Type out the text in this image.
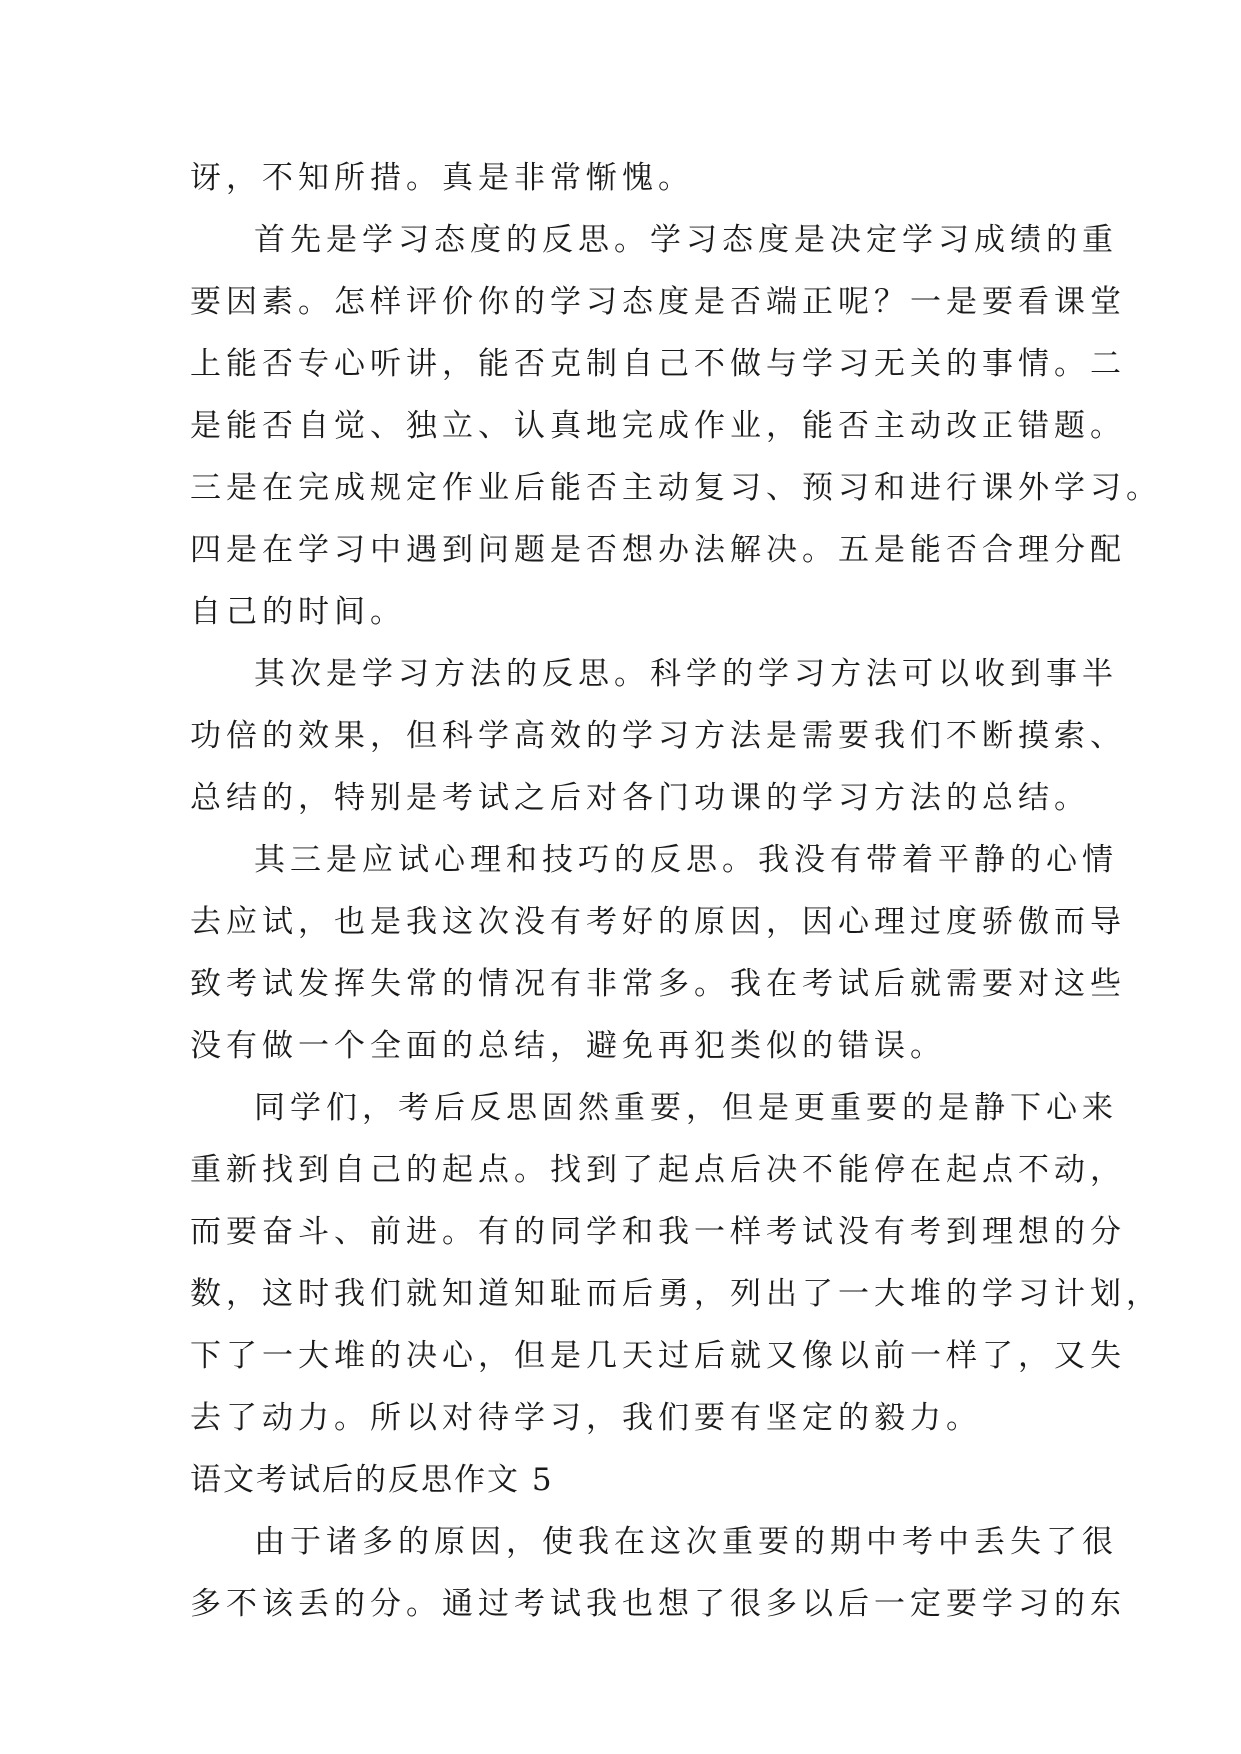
讶，不知所措。真是非常惭愧。
首先是学习态度的反思。学习态度是决定学习成绩的重
要因素。怎样评价你的学习态度是否端正呢？一是要看课堂
上能否专心听讲，能否克制自己不做与学习无关的事情。二
是能否自觉、独立、认真地完成作业，能否主动改正错题。
三是在完成规定作业后能否主动复习、预习和进行课外学习。
四是在学习中遇到问题是否想办法解决。五是能否合理分配
自己的时间。
其次是学习方法的反思。科学的学习方法可以收到事半
功倍的效果，但科学高效的学习方法是需要我们不断摸索、
总结的，特别是考试之后对各门功课的学习方法的总结。
其三是应试心理和技巧的反思。我没有带着平静的心情
去应试，也是我这次没有考好的原因，因心理过度骄傲而导
致考试发挥失常的情况有非常多。我在考试后就需要对这些
没有做一个全面的总结，避免再犯类似的错误。
同学们，考后反思固然重要，但是更重要的是静下心来
重新找到自己的起点。找到了起点后决不能停在起点不动，
而要奋斗、前进。有的同学和我一样考试没有考到理想的分
数，这时我们就知道知耻而后勇，列出了一大堆的学习计划，
下了一大堆的决心，但是几天过后就又像以前一样了，又失
去了动力。所以对待学习，我们要有坚定的毅力。
语文考试后的反思作文 5
由于诸多的原因，使我在这次重要的期中考中丢失了很
多不该丢的分。通过考试我也想了很多以后一定要学习的东
